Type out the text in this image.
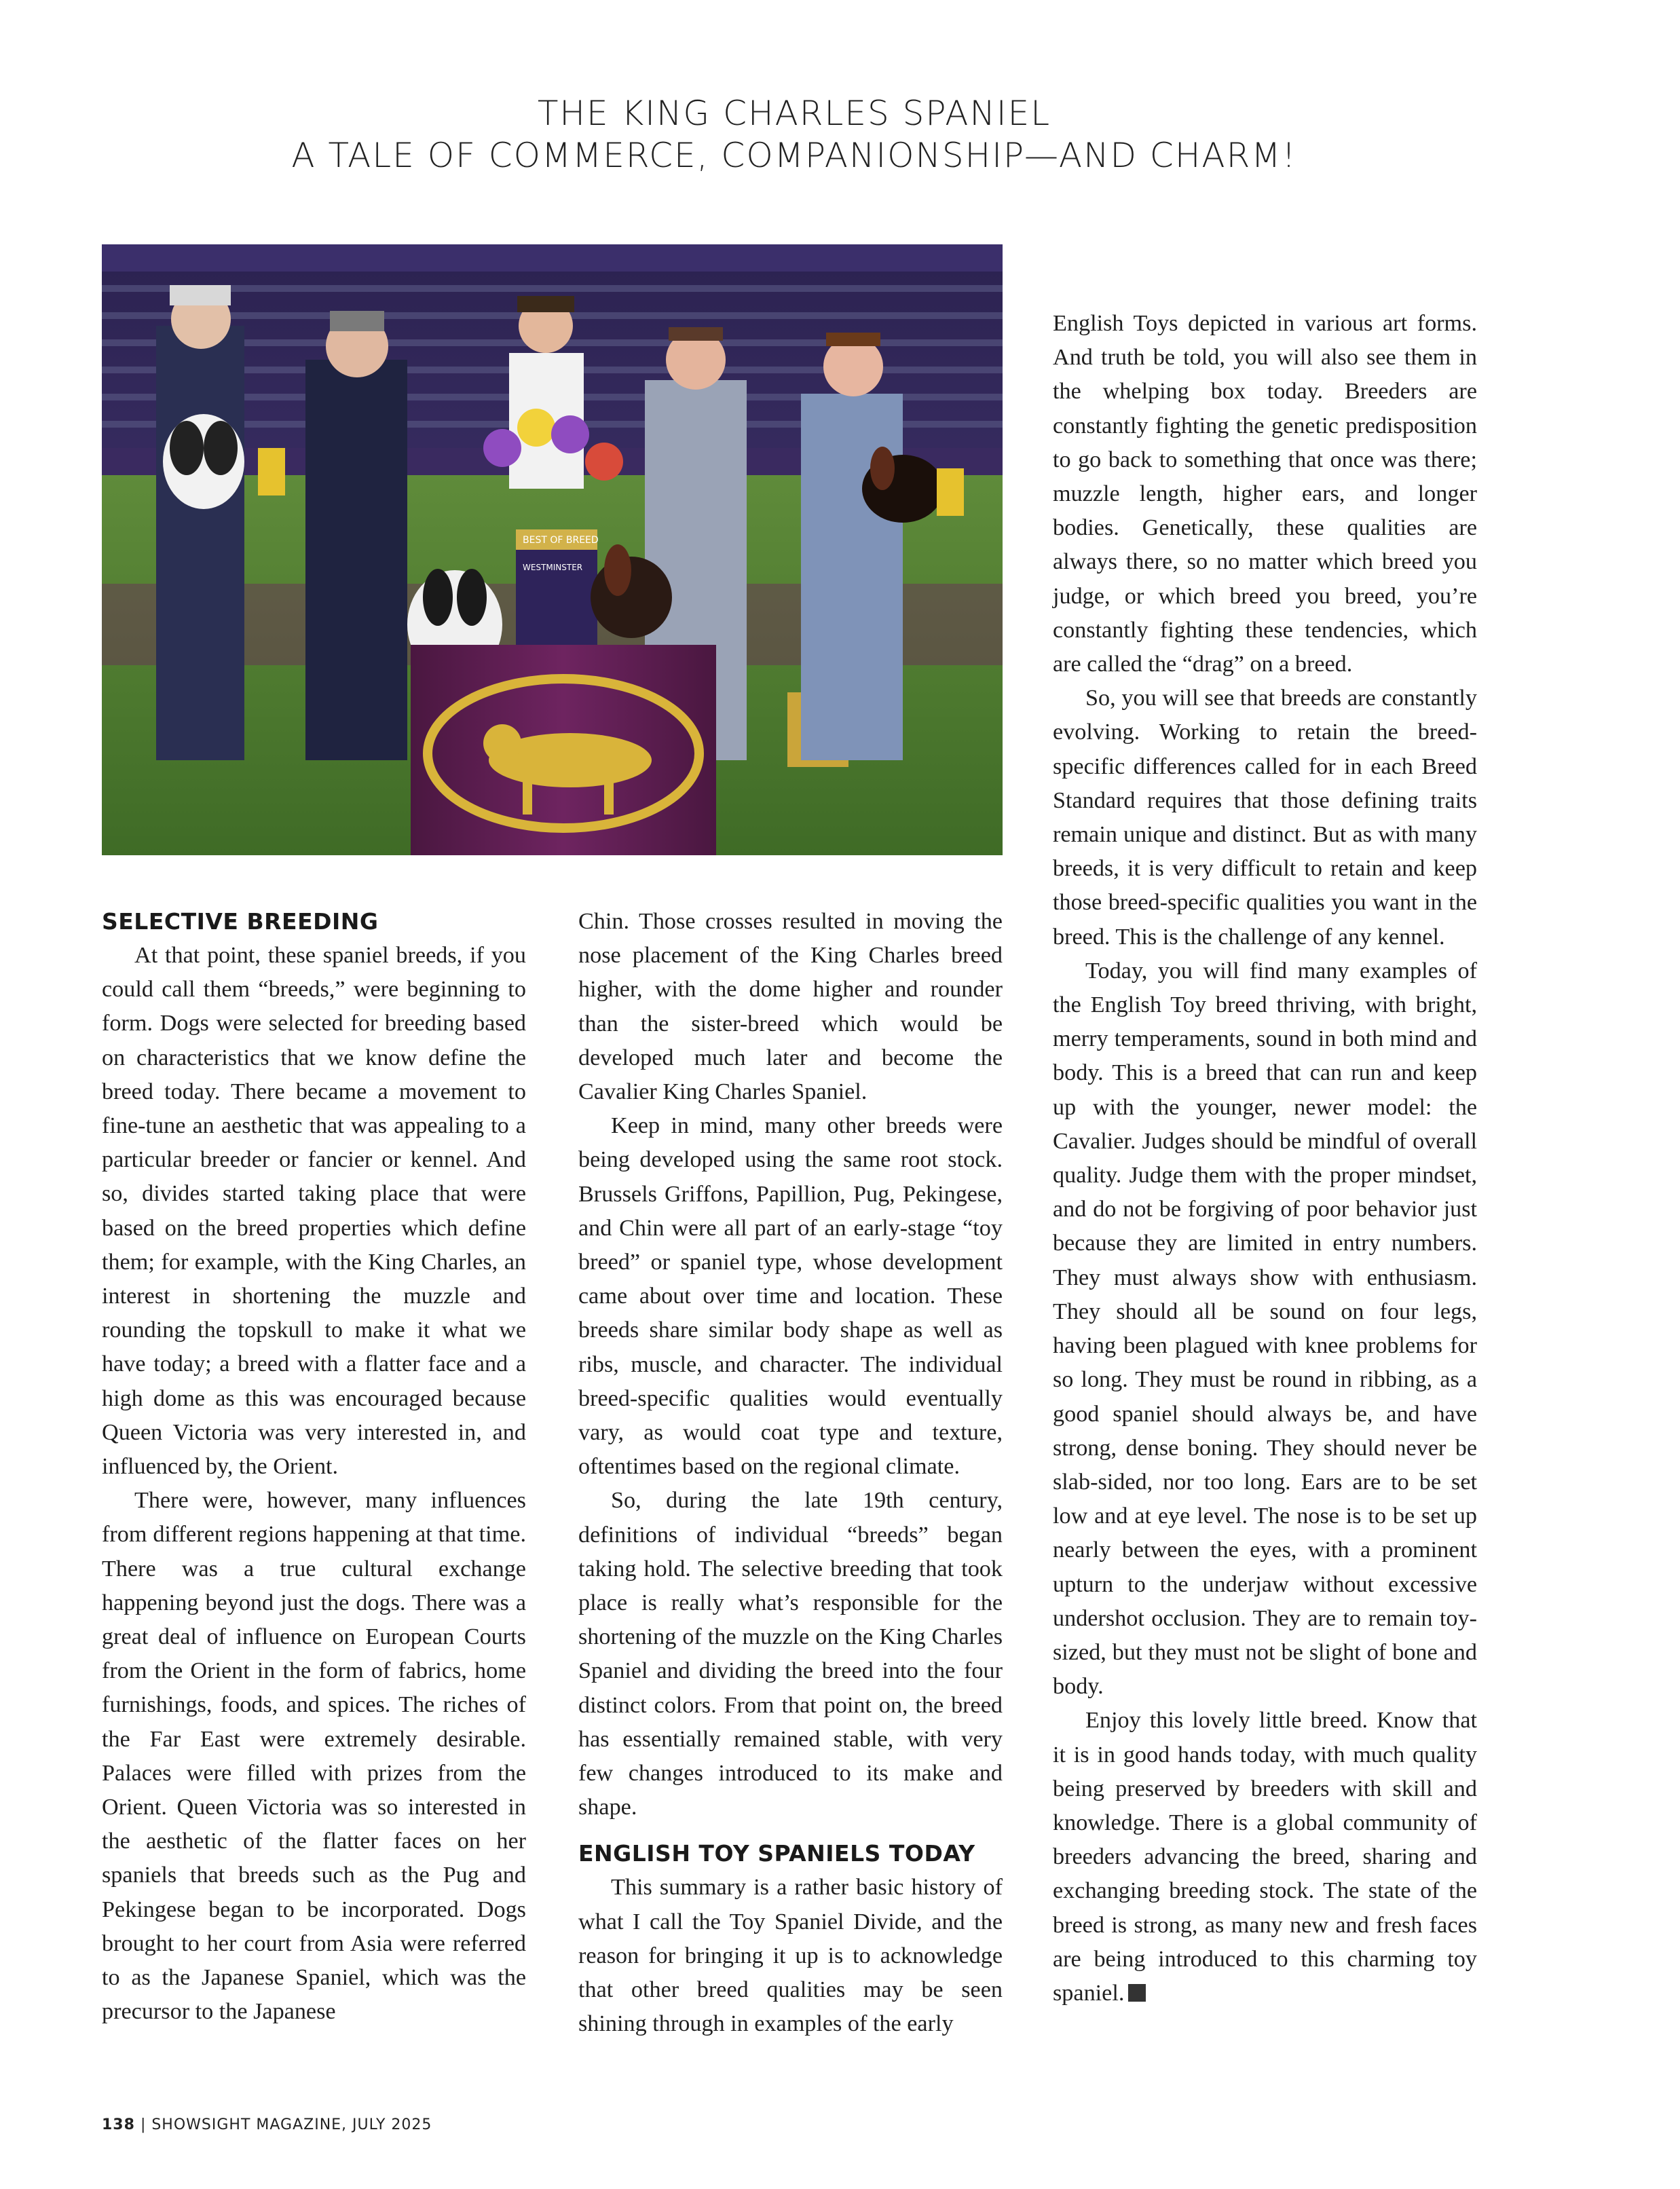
THE KING CHARLES SPANIEL
A TALE OF COMMERCE, COMPANIONSHIP—AND CHARM!
BEST OF BREED
WESTMINSTER
SELECTIVE BREEDING

At that point, these spaniel breeds, if you could call them “breeds,” were beginning to form. Dogs were selected for breeding based on characteristics that we know define the breed today. There became a movement to fine-tune an aesthetic that was appealing to a particular breeder or fancier or kennel. And so, divides started taking place that were based on the breed properties which define them; for example, with the King Charles, an interest in shortening the muzzle and rounding the topskull to make it what we have today; a breed with a flatter face and a high dome as this was encouraged because Queen Victoria was very interested in, and influenced by, the Orient.

There were, however, many influences from different regions happening at that time. There was a true cultural exchange happening beyond just the dogs. There was a great deal of influence on European Courts from the Orient in the form of fabrics, home furnishings, foods, and spices. The riches of the Far East were extremely desirable. Palaces were filled with prizes from the Orient. Queen Victoria was so interested in the aesthetic of the flatter faces on her spaniels that breeds such as the Pug and Pekingese began to be incorporated. Dogs brought to her court from Asia were referred to as the Japanese Spaniel, which was the precursor to the Japanese

Chin. Those crosses resulted in moving the nose placement of the King Charles breed higher, with the dome higher and rounder than the sister-breed which would be developed much later and become the Cavalier King Charles Spaniel.

Keep in mind, many other breeds were being developed using the same root stock. Brussels Griffons, Papillion, Pug, Pekingese, and Chin were all part of an early-stage “toy breed” or spaniel type, whose development came about over time and location. These breeds share similar body shape as well as ribs, muscle, and character. The individual breed-specific qualities would eventually vary, as would coat type and texture, oftentimes based on the regional climate.

So, during the late 19th century, definitions of individual “breeds” began taking hold. The selective breeding that took place is really what’s responsible for the shortening of the muzzle on the King Charles Spaniel and dividing the breed into the four distinct colors. From that point on, the breed has essentially remained stable, with very few changes introduced to its make and shape.

ENGLISH TOY SPANIELS TODAY

This summary is a rather basic history of what I call the Toy Spaniel Divide, and the reason for bringing it up is to acknowledge that other breed qualities may be seen shining through in examples of the early

English Toys depicted in various art forms. And truth be told, you will also see them in the whelping box today. Breeders are constantly fighting the genetic predisposition to go back to something that once was there; muzzle length, higher ears, and longer bodies. Genetically, these qualities are always there, so no matter which breed you judge, or which breed you breed, you’re constantly fighting these tendencies, which are called the “drag” on a breed.

So, you will see that breeds are constantly evolving. Working to retain the breed-specific differences called for in each Breed Standard requires that those defining traits remain unique and distinct. But as with many breeds, it is very difficult to retain and keep those breed-specific qualities you want in the breed. This is the challenge of any kennel.

Today, you will find many examples of the English Toy breed thriving, with bright, merry temperaments, sound in both mind and body. This is a breed that can run and keep up with the younger, newer model: the Cavalier. Judges should be mindful of overall quality. Judge them with the proper mindset, and do not be forgiving of poor behavior just because they are limited in entry numbers. They must always show with enthusiasm. They should all be sound on four legs, having been plagued with knee problems for so long. They must be round in ribbing, as a good spaniel should always be, and have strong, dense boning. They should never be slab-sided, nor too long. Ears are to be set low and at eye level. The nose is to be set up nearly between the eyes, with a prominent upturn to the underjaw without excessive undershot occlusion. They are to remain toy-sized, but they must not be slight of bone and body.

Enjoy this lovely little breed. Know that it is in good hands today, with much quality being preserved by breeders with skill and knowledge. There is a global community of breeders advancing the breed, sharing and exchanging breeding stock. The state of the breed is strong, as many new and fresh faces are being introduced to this charming toy spaniel.

138 | SHOWSIGHT MAGAZINE, JULY 2025
